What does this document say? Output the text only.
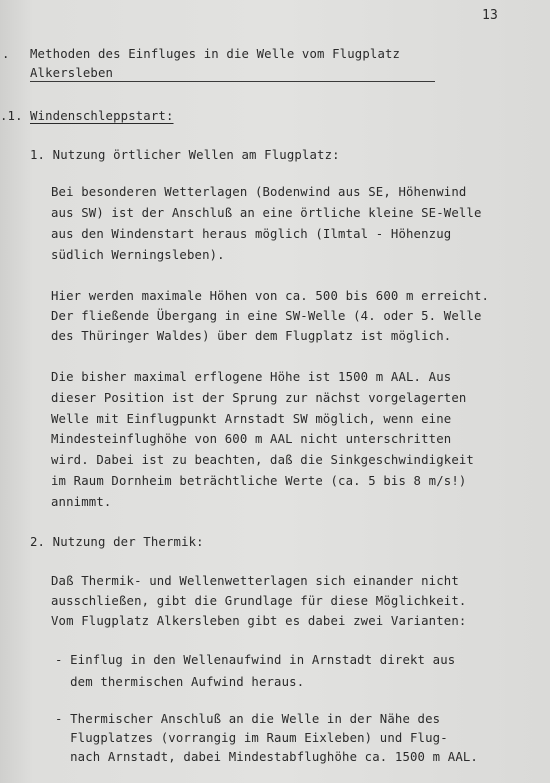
13
. Methoden des Einfluges in die Welle vom Flugplatz
Alkersleben
.1. Windenschleppstart:
1. Nutzung örtlicher Wellen am Flugplatz:
Bei besonderen Wetterlagen (Bodenwind aus SE, Höhenwind
aus SW) ist der Anschluß an eine örtliche kleine SE-Welle
aus den Windenstart heraus möglich (Ilmtal - Höhenzug
südlich Werningsleben).
Hier werden maximale Höhen von ca. 500 bis 600 m erreicht.
Der fließende Übergang in eine SW-Welle (4. oder 5. Welle
des Thüringer Waldes) über dem Flugplatz ist möglich.
Die bisher maximal erflogene Höhe ist 1500 m AAL. Aus
dieser Position ist der Sprung zur nächst vorgelagerten
Welle mit Einflugpunkt Arnstadt SW möglich, wenn eine
Mindesteinflughöhe von 600 m AAL nicht unterschritten
wird. Dabei ist zu beachten, daß die Sinkgeschwindigkeit
im Raum Dornheim beträchtliche Werte (ca. 5 bis 8 m/s!)
annimmt.
2. Nutzung der Thermik:
Daß Thermik- und Wellenwetterlagen sich einander nicht
ausschließen, gibt die Grundlage für diese Möglichkeit.
Vom Flugplatz Alkersleben gibt es dabei zwei Varianten:
- Einflug in den Wellenaufwind in Arnstadt direkt aus
dem thermischen Aufwind heraus.
- Thermischer Anschluß an die Welle in der Nähe des
Flugplatzes (vorrangig im Raum Eixleben) und Flug-
nach Arnstadt, dabei Mindestabflughöhe ca. 1500 m AAL.
